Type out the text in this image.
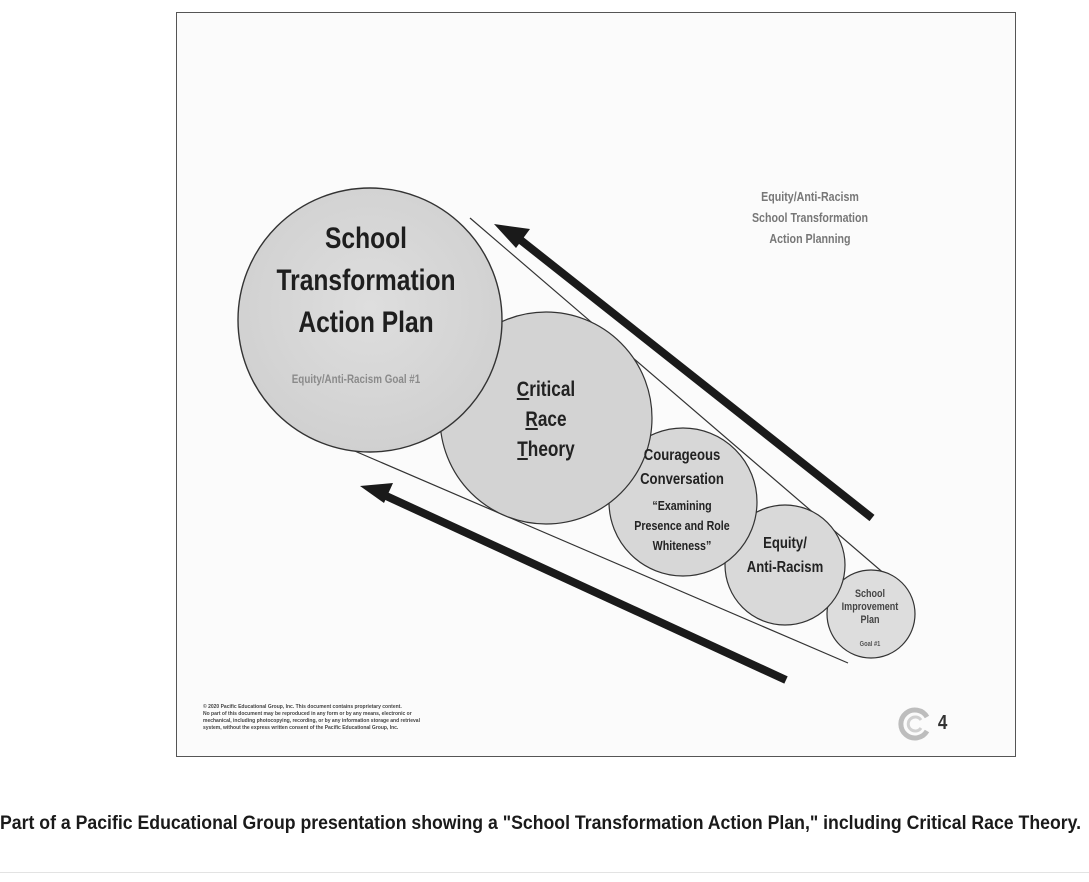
Equity/Anti-Racism
School Transformation
Action Planning
School
Transformation
Action Plan
Equity/Anti-Racism Goal #1	Critical
Race
Theory	Courageous
Conversation
“Examining
Presence and Role
Whiteness”	Equity/
Anti-Racism
School
Improvement
Plan
Goal #1
© 2020 Pacific Educational Group, Inc. This document contains proprietary content.
No part of this document may be reproduced in any form or by any means, electronic or
mechanical, including photocopying, recording, or by any information storage and retrieval
system, without the express written consent of the Pacific Educational Group, Inc.	4
Part of a Pacific Educational Group presentation showing a "School Transformation Action Plan," including Critical Race Theory.
